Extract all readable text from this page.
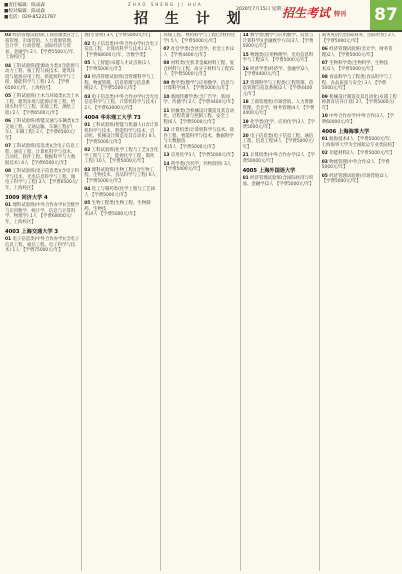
■责任编辑：陈成森
■校对编辑：陈成森
■电话：029-85221787
ZHAO SHENG JI HUA
招 生 计 划
2020年7月15日 星期三
招生考试 特刊 87
03 经济管理试验班(工商管理类)(含工商管理、市场营销、人力资源管理、会计学、行政管理、国际经济与贸易、金融学) 2人 【学费5500元/年，上海校区】
04 工科试验班(能源动力类)(含能源与动力工程、核工程与核技术、建筑环境与能源应用工程、新能源科学与工程、储能科学与工程) 2人 【学费6500元/年，上海校区】
05 工科试验班(土木与环境类)(含土木工程、建筑环境与能源应用工程、给排水科学与工程、环境工程、测绘工程) 2人 【学费6500元/年】
06 工科试验班(智能交通与车辆类)(含交通工程、交通运输、车辆工程(汽车)、车辆工程) 2人 【学费6500元/年】
07 工科试验班(信息类)(含电子信息工程、通信工程、计算机科学与技术、自动化、软件工程、数据科学与大数据技术) 4人 【学费6500元/年】
08 工科试验班(电子信息类)(含电子科学与技术、光电信息科学与工程、微电子科学与工程) 2人 【学费6500元/年，上海校区】
3009 同济大学 4
01 理科试验班(中外合作办学)(含数学与应用数学、统计学、信息与计算科学、物理学) 1人 【学费60000元/年，上海校区】
4003 上海交通大学 3
01 电子信息类(中外合作办学)(含电子信息工程、通信工程、电子科学与技术) 1人 【学费75000元/年】
理(专业组) 3人【学费5000元/年】
02 电子信息类(中外合作办学)(含电子信息工程、计算机科学与技术) 2人 【学费68000元/年，含数学类】
05 人工智能(卓越人才试点班)1人 【学费5000元/年】
03 经济管理试验班(含管理科学与工程、物流管理、信息管理与信息系统)2人 【学费5500元/年】
03 电子信息类(中外合作办学)(含光电信息科学与工程、计算机科学与技术) 2人 【学费63000元/年】
4004 华东理工大学 73
01 工科试验班(智能与机器人)(含计算机科学与技术、智能科学与技术、自动化、机械设计制造及其自动化) 8人 【学费5000元/年】
02 工科试验班(化学工程与工艺)(含化学工程与工艺、能源化学工程、制药工程) 10人 【学费5000元/年】
03 理科试验班(生物工程)(含生物工程、生物技术、食品科学与工程) 6人 【学费5000元/年】
04 化工与制药类(化学工程与工艺)6人 【学费5000元/年】
05 生物工程类(生物工程、生物制药、生物技术)4人 【学费5000元/年】
环境工程、材料科学与工程(含材料化学) 5人 【学费5000元/年】
07 社会学类(含社会学、社会工作)2人 【学费4400元/年】
08 材料类(无机非金属材料工程、复合材料与工程、高分子材料与工程)5人 【学费5000元/年】
09 数学类(数学与应用数学、信息与计算科学)4人 【学费5000元/年】
10 新闻传播学类(含广告学、新闻学、传播学) 2人 【学费4400元/年】
11 机械类(含机械设计制造及其自动化、过程装备与控制工程、安全工程)6人 【学费5000元/年】
12 计算机类(计算机科学与技术、软件工程、智能科学与技术、数据科学与大数据技术)5人 【学费5000元/年】
13 应用化学3人 【学费5000元/年】
14 药学类(含药学、药物制剂) 3人 【学费5000元/年】
14 数学类(数学与应用数学、信息与计算科学)(金融数学方向)3人 【学费5000元/年】
15 物理类(应用物理学、光电信息科学与工程)2人 【学费5000元/年】
16 经济学类(经济学、金融学)2人 【学费4400元/年】
17 管理科学与工程类(工程管理、信息管理与信息系统)2人 【学费4400元/年】
18 工商管理类(市场营销、人力资源管理、会计学、财务管理)4人 【学费4400元/年】
19 化学类(化学、应用化学)3人 【学费5000元/年】
20 电子信息类(电子信息工程、通信工程、信息工程)4人 【学费5000元/年】
21 计算机类(中外合作办学)2人 【学费50000元/年】
4005 上海外国语大学
01 经济管理试验班(含国际经济与贸易、金融学)2人 【学费5000元/年】
商务英语(含国际商务、国际经贸) 2人 【学费5000元/年】
06 经济管理试验班(会计学、财务管理)2人 【学费5000元/年】
07 生物科学类(生物科学、生物技术)2人 【学费5000元/年】
08 食品科学与工程类(食品科学与工程、食品质量与安全) 3人 【学费5000元/年】
09 机械设计制造及其自动化(卓越工程师教育培养计划) 2人 【学费5000元/年】
10 中外合作办学(中外合作)1人 【学费60000元/年】
4006 上海海事大学
01 航海技术4人 【学费5000元/年，上海海事大学为全国航运专业类院校】
02 功能材料2人 【学费5000元/年】
03 物流管理(中外合作)2人 【学费5000元/年】
05 经济管理试验班(市场营销)2人 【学费5000元/年】
